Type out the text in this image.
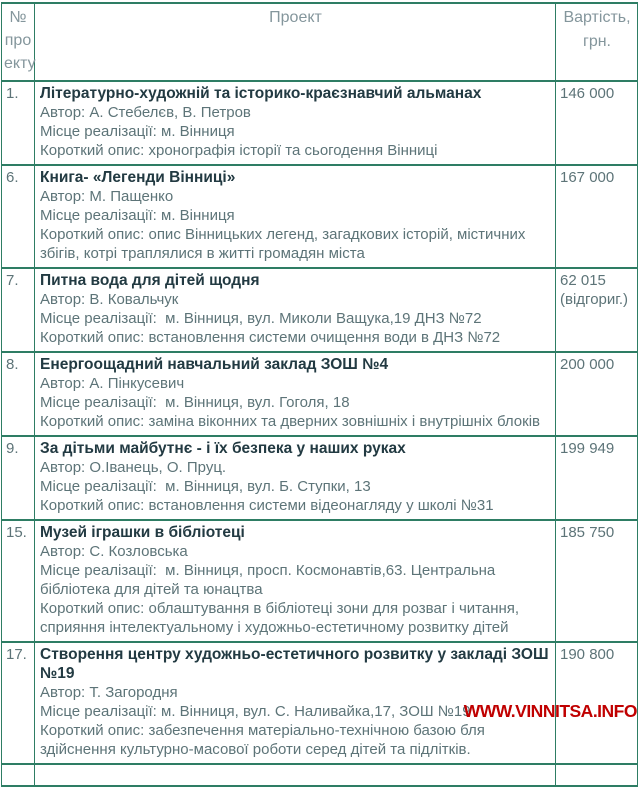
№
про
екту	Проект	Вартість, грн.
1.	Літературно-художній та історико-краєзнавчий альманах
Автор: А. Стебелєв, В. Петров
Місце реалізації: м. Вінниця
Короткий опис: хронографія історії та сьогодення Вінниці	146 000
6.	Книга- «Легенди Вінниці»
Автор: М. Пащенко
Місце реалізації: м. Вінниця
Короткий опис: опис Вінницьких легенд, загадкових історій, містичних збігів, котрі траплялися в житті громадян міста	167 000
7.	Питна вода для дітей щодня
Автор: В. Ковальчук
Місце реалізації:  м. Вінниця, вул. Миколи Ващука,19 ДНЗ №72
Короткий опис: встановлення системи очищення води в ДНЗ №72	62 015 (відгориг.)
8.	Енергоощадний навчальний заклад ЗОШ №4
Автор: А. Пінкусевич
Місце реалізації:  м. Вінниця, вул. Гоголя, 18
Короткий опис: заміна віконних та дверних зовнішніх і внутрішніх блоків	200 000
9.	За дітьми майбутнє - і їх безпека у наших руках
Автор: О.Іванець, О. Пруц.
Місце реалізації:  м. Вінниця, вул. Б. Ступки, 13
Короткий опис: встановлення системи відеонагляду у школі №31	199 949
15.	Музей іграшки в бібліотеці
Автор: С. Козловська
Місце реалізації:  м. Вінниця, просп. Космонавтів,63. Центральна бібліотека для дітей та юнацтва
Короткий опис: облаштування в бібліотеці зони для розваг і читання, сприяння інтелектуальному і художньо-естетичному розвитку дітей	185 750
17.	Створення центру художньо-естетичного розвитку у закладі ЗОШ №19
Автор: Т. Загородня
Місце реалізації: м. Вінниця, вул. С. Наливайка,17, ЗОШ №19
Короткий опис: забезпечення матеріально-технічною базою бля здійснення культурно-масової роботи серед дітей та підлітків.	190 800

WWW.VINNITSA.INFO
